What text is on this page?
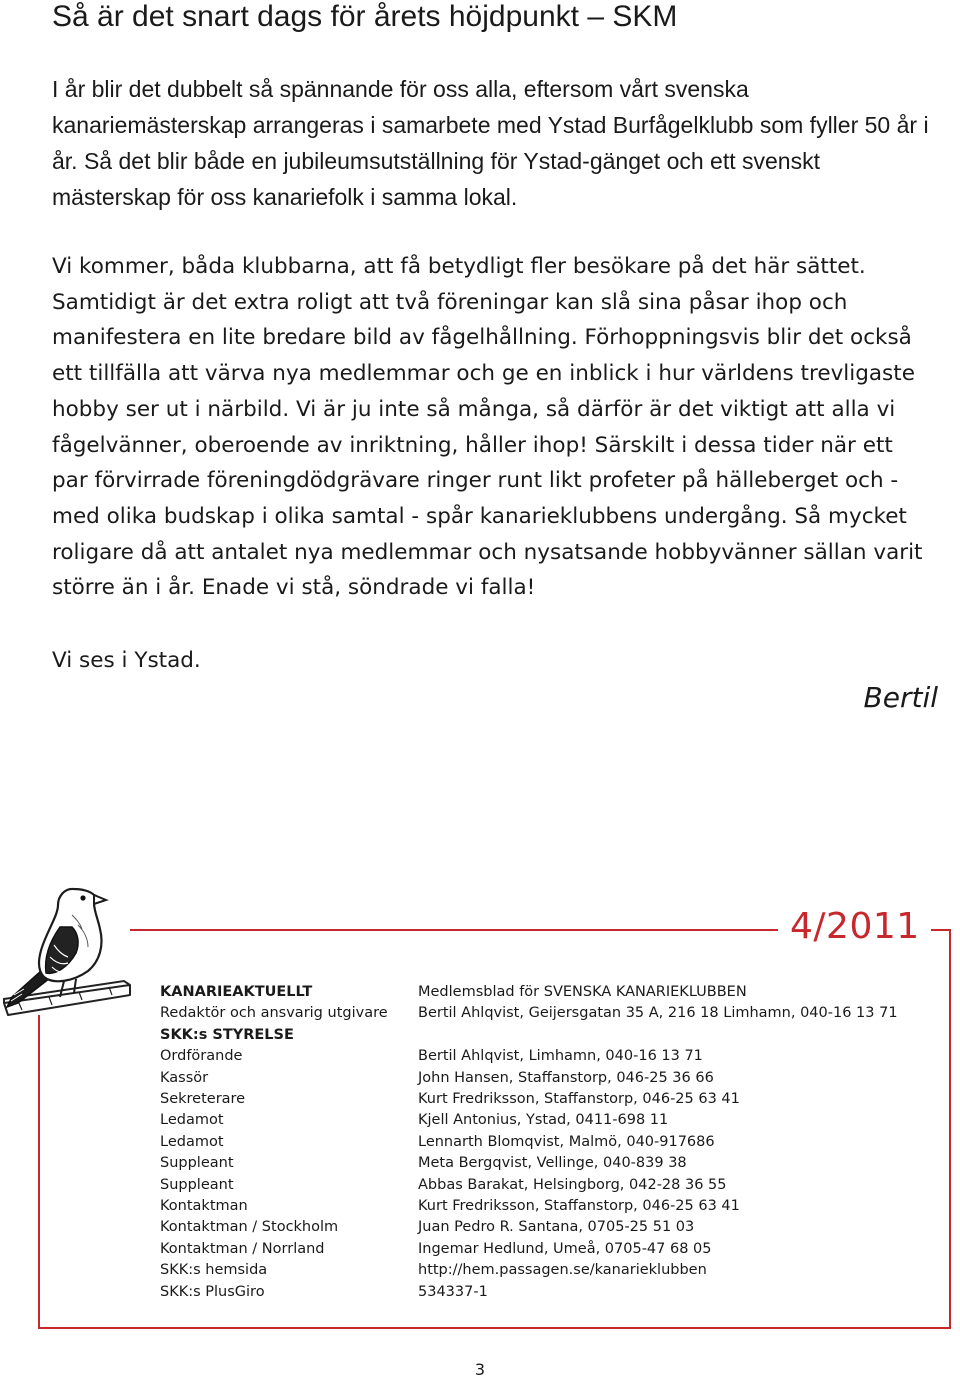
Så är det snart dags för årets höjdpunkt – SKM

I år blir det dubbelt så spännande för oss alla, eftersom vårt svenska kanariemästerskap arrangeras i samarbete med Ystad Burfågelklubb som fyller 50 år i år. Så det blir både en jubileumsutställning för Ystad-gänget och ett svenskt mästerskap för oss kanariefolk i samma lokal.

Vi kommer, båda klubbarna, att få betydligt fler besökare på det här sättet. Samtidigt är det extra roligt att två föreningar kan slå sina påsar ihop och manifestera en lite bredare bild av fågelhållning. Förhoppningsvis blir det också ett tillfälla att värva nya medlemmar och ge en inblick i hur världens trevligaste hobby ser ut i närbild. Vi är ju inte så många, så därför är det viktigt att alla vi fågelvänner, oberoende av inriktning, håller ihop! Särskilt i dessa tider när ett par förvirrade föreningdödgrävare ringer runt likt profeter på hälleberget och - med olika budskap i olika samtal - spår kanarieklubbens undergång. Så mycket roligare då att antalet nya medlemmar och nysatsande hobbyvänner sällan varit större än i år. Enade vi stå, söndrade vi falla!

Vi ses i Ystad.

Bertil
4/2011
KANARIEAKTUELLT	Medlemsblad för SVENSKA KANARIEKLUBBEN
Redaktör och ansvarig utgivare	Bertil Ahlqvist, Geijersgatan 35 A, 216 18 Limhamn, 040-16 13 71
SKK:s STYRELSE
Ordförande	Bertil Ahlqvist, Limhamn, 040-16 13 71
Kassör	John Hansen, Staffanstorp, 046-25 36 66
Sekreterare	Kurt Fredriksson, Staffanstorp, 046-25 63 41
Ledamot	Kjell Antonius, Ystad, 0411-698 11
Ledamot	Lennarth Blomqvist, Malmö, 040-917686
Suppleant	Meta Bergqvist, Vellinge, 040-839 38
Suppleant	Abbas Barakat, Helsingborg, 042-28 36 55
Kontaktman	Kurt Fredriksson, Staffanstorp, 046-25 63 41
Kontaktman / Stockholm	Juan Pedro R. Santana, 0705-25 51 03
Kontaktman / Norrland	Ingemar Hedlund, Umeå, 0705-47 68 05
SKK:s hemsida	http://hem.passagen.se/kanarieklubben
SKK:s PlusGiro	534337-1
3
